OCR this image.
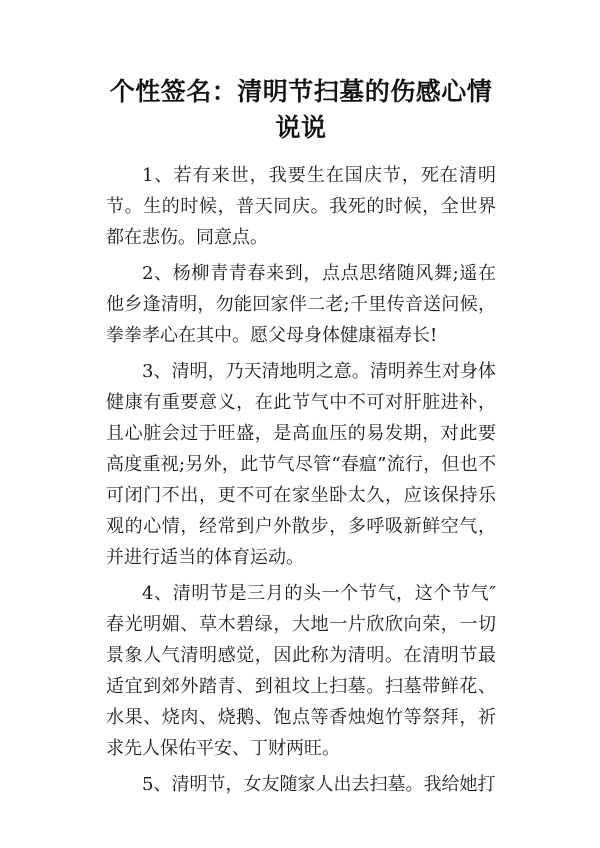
个性签名：清明节扫墓的伤感心情说说

1、若有来世，我要生在国庆节，死在清明节。生的时候，普天同庆。我死的时候，全世界都在悲伤。同意点。

2、杨柳青青春来到，点点思绪随风舞;遥在他乡逢清明，勿能回家伴二老;千里传音送问候，拳拳孝心在其中。愿父母身体健康福寿长!

3、清明，乃天清地明之意。清明养生对身体健康有重要意义，在此节气中不可对肝脏进补，且心脏会过于旺盛，是高血压的易发期，对此要高度重视;另外，此节气尽管“春瘟”流行，但也不可闭门不出，更不可在家坐卧太久，应该保持乐观的心情，经常到户外散步，多呼吸新鲜空气，并进行适当的体育运动。

4、清明节是三月的头一个节气，这个节气″春光明媚、草木碧绿，大地一片欣欣向荣，一切景象人气清明感觉，因此称为清明。在清明节最适宜到郊外踏青、到祖坟上扫墓。扫墓带鲜花、水果、烧肉、烧鹅、饱点等香烛炮竹等祭拜，祈求先人保佑平安、丁财两旺。

5、清明节，女友随家人出去扫墓。我给她打
